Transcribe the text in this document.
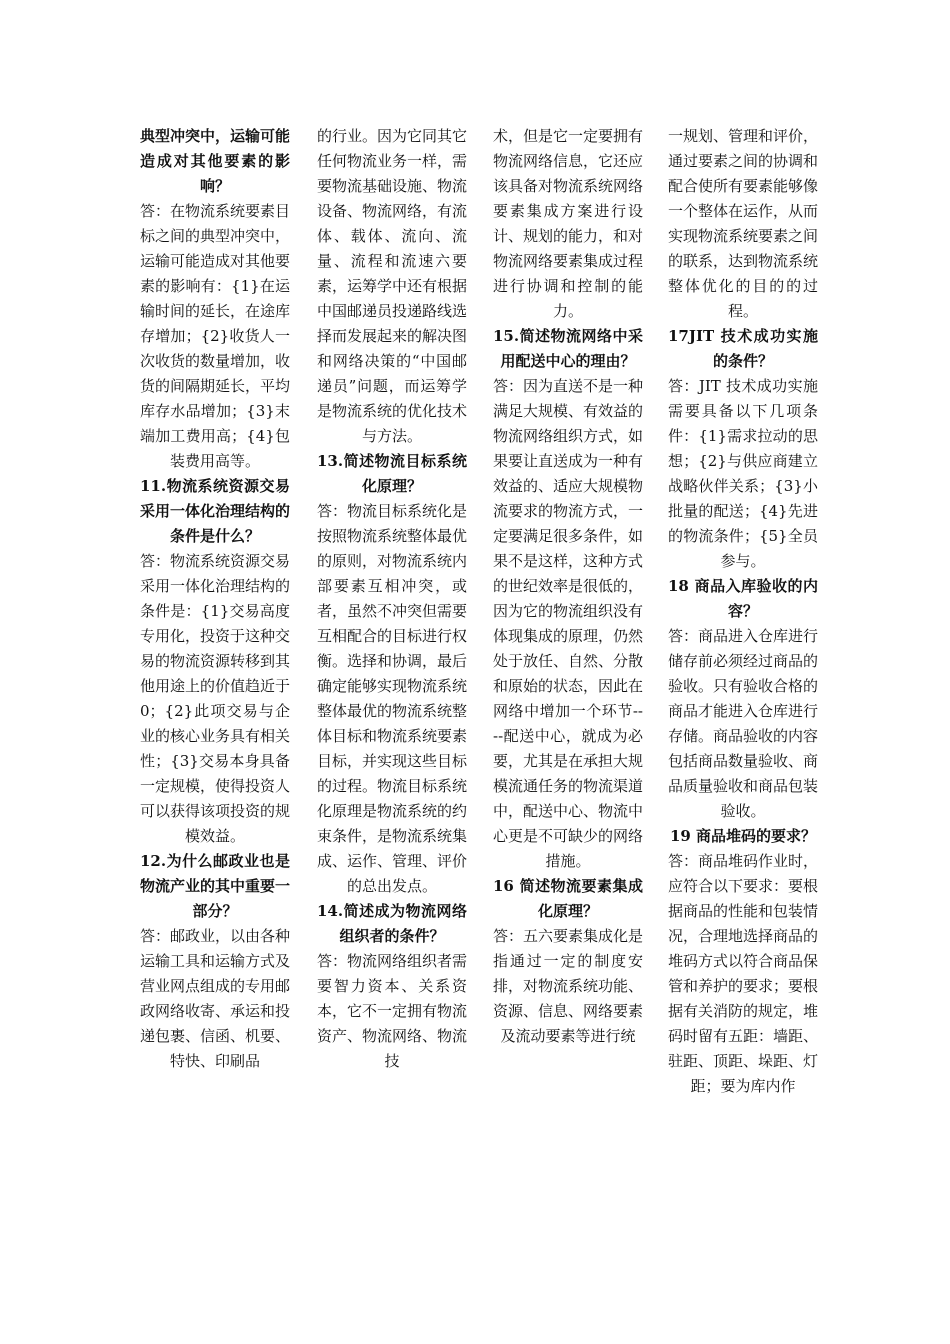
典型冲突中，运输可能造成对其他要素的影响？

答：在物流系统要素目标之间的典型冲突中，运输可能造成对其他要素的影响有：{1}在运输时间的延长，在途库存增加；{2}收货人一次收货的数量增加，收货的间隔期延长，平均库存水品增加；{3}末端加工费用高；{4}包装费用高等。

11.物流系统资源交易采用一体化治理结构的条件是什么？

答：物流系统资源交易采用一体化治理结构的条件是：{1}交易高度专用化，投资于这种交易的物流资源转移到其他用途上的价值趋近于0；{2}此项交易与企业的核心业务具有相关性；{3}交易本身具备一定规模，使得投资人可以获得该项投资的规模效益。

12.为什么邮政业也是物流产业的其中重要一部分？

答：邮政业，以由各种运输工具和运输方式及营业网点组成的专用邮政网络收寄、承运和投递包裹、信函、机要、特快、印刷品

的行业。因为它同其它任何物流业务一样，需要物流基础设施、物流设备、物流网络，有流体、载体、流向、流量、流程和流速六要素，运筹学中还有根据中国邮递员投递路线选择而发展起来的解决图和网络决策的“中国邮递员”问题，而运筹学是物流系统的优化技术与方法。

13.简述物流目标系统化原理？

答：物流目标系统化是按照物流系统整体最优的原则，对物流系统内部要素互相冲突，或者，虽然不冲突但需要互相配合的目标进行权衡。选择和协调，最后确定能够实现物流系统整体最优的物流系统整体目标和物流系统要素目标，并实现这些目标的过程。物流目标系统化原理是物流系统的约束条件，是物流系统集成、运作、管理、评价的总出发点。

14.简述成为物流网络组织者的条件？

答：物流网络组织者需要智力资本、关系资本，它不一定拥有物流资产、物流网络、物流技

术，但是它一定要拥有物流网络信息，它还应该具备对物流系统网络要素集成方案进行设计、规划的能力，和对物流网络要素集成过程进行协调和控制的能力。

15.简述物流网络中采用配送中心的理由？

答：因为直送不是一种满足大规模、有效益的物流网络组织方式，如果要让直送成为一种有效益的、适应大规模物流要求的物流方式，一定要满足很多条件，如果不是这样，这种方式的世纪效率是很低的，因为它的物流组织没有体现集成的原理，仍然处于放任、自然、分散和原始的状态，因此在网络中增加一个环节----配送中心，就成为必要，尤其是在承担大规模流通任务的物流渠道中，配送中心、物流中心更是不可缺少的网络措施。

16 简述物流要素集成化原理？

答：五六要素集成化是指通过一定的制度安排，对物流系统功能、资源、信息、网络要素及流动要素等进行统

一规划、管理和评价，通过要素之间的协调和配合使所有要素能够像一个整体在运作，从而实现物流系统要素之间的联系，达到物流系统整体优化的目的的过程。

17JIT 技术成功实施的条件？

答：JIT 技术成功实施需要具备以下几项条件：{1}需求拉动的思想；{2}与供应商建立战略伙伴关系；{3}小批量的配送；{4}先进的物流条件；{5}全员参与。

18 商品入库验收的内容？

答：商品进入仓库进行储存前必须经过商品的验收。只有验收合格的商品才能进入仓库进行存储。商品验收的内容包括商品数量验收、商品质量验收和商品包装验收。

19 商品堆码的要求？

答：商品堆码作业时，应符合以下要求：要根据商品的性能和包装情况，合理地选择商品的堆码方式以符合商品保管和养护的要求；要根据有关消防的规定，堆码时留有五距：墙距、驻距、顶距、垛距、灯距；要为库内作
